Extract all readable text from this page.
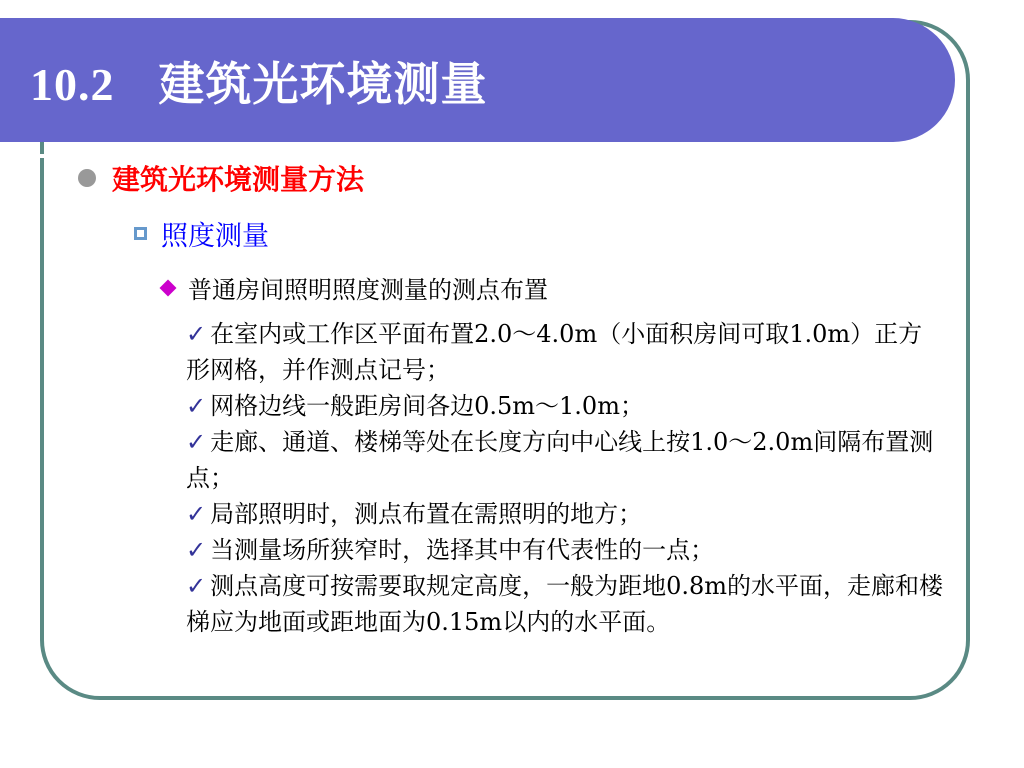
10.2 建筑光环境测量
建筑光环境测量方法
照度测量
普通房间照明照度测量的测点布置
✓ 在室内或工作区平面布置2.0～4.0m（小面积房间可取1.0m）正方形网格，并作测点记号；
✓ 网格边线一般距房间各边0.5m～1.0m；
✓ 走廊、通道、楼梯等处在长度方向中心线上按1.0～2.0m间隔布置测点；
✓ 局部照明时，测点布置在需照明的地方；
✓ 当测量场所狭窄时，选择其中有代表性的一点；
✓ 测点高度可按需要取规定高度，一般为距地0.8m的水平面，走廊和楼梯应为地面或距地面为0.15m以内的水平面。
